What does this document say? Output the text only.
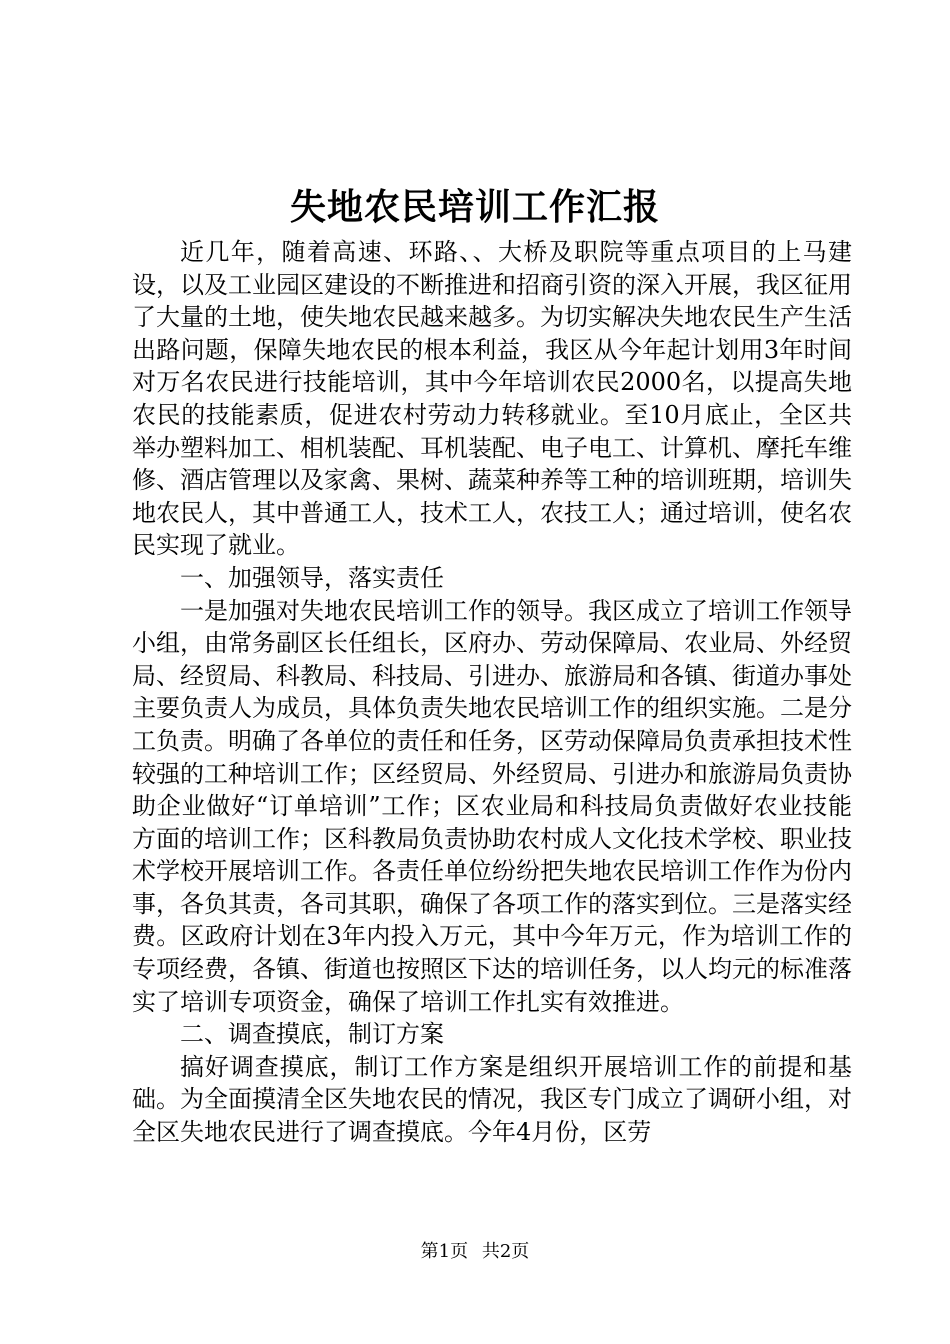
失地农民培训工作汇报

近几年，随着高速、环路、、大桥及职院等重点项目的上马建设，以及工业园区建设的不断推进和招商引资的深入开展，我区征用了大量的土地，使失地农民越来越多。为切实解决失地农民生产生活出路问题，保障失地农民的根本利益，我区从今年起计划用3年时间对万名农民进行技能培训，其中今年培训农民2000名，以提高失地农民的技能素质，促进农村劳动力转移就业。至10月底止，全区共举办塑料加工、相机装配、耳机装配、电子电工、计算机、摩托车维修、酒店管理以及家禽、果树、蔬菜种养等工种的培训班期，培训失地农民人，其中普通工人，技术工人，农技工人；通过培训，使名农民实现了就业。

一、加强领导，落实责任

一是加强对失地农民培训工作的领导。我区成立了培训工作领导小组，由常务副区长任组长，区府办、劳动保障局、农业局、外经贸局、经贸局、科教局、科技局、引进办、旅游局和各镇、街道办事处主要负责人为成员，具体负责失地农民培训工作的组织实施。二是分工负责。明确了各单位的责任和任务，区劳动保障局负责承担技术性较强的工种培训工作；区经贸局、外经贸局、引进办和旅游局负责协助企业做好“订单培训”工作；区农业局和科技局负责做好农业技能方面的培训工作；区科教局负责协助农村成人文化技术学校、职业技术学校开展培训工作。各责任单位纷纷把失地农民培训工作作为份内事，各负其责，各司其职，确保了各项工作的落实到位。三是落实经费。区政府计划在3年内投入万元，其中今年万元，作为培训工作的专项经费，各镇、街道也按照区下达的培训任务，以人均元的标准落实了培训专项资金，确保了培训工作扎实有效推进。

二、调查摸底，制订方案

搞好调查摸底，制订工作方案是组织开展培训工作的前提和基础。为全面摸清全区失地农民的情况，我区专门成立了调研小组，对全区失地农民进行了调查摸底。今年4月份，区劳

第1页 共2页
